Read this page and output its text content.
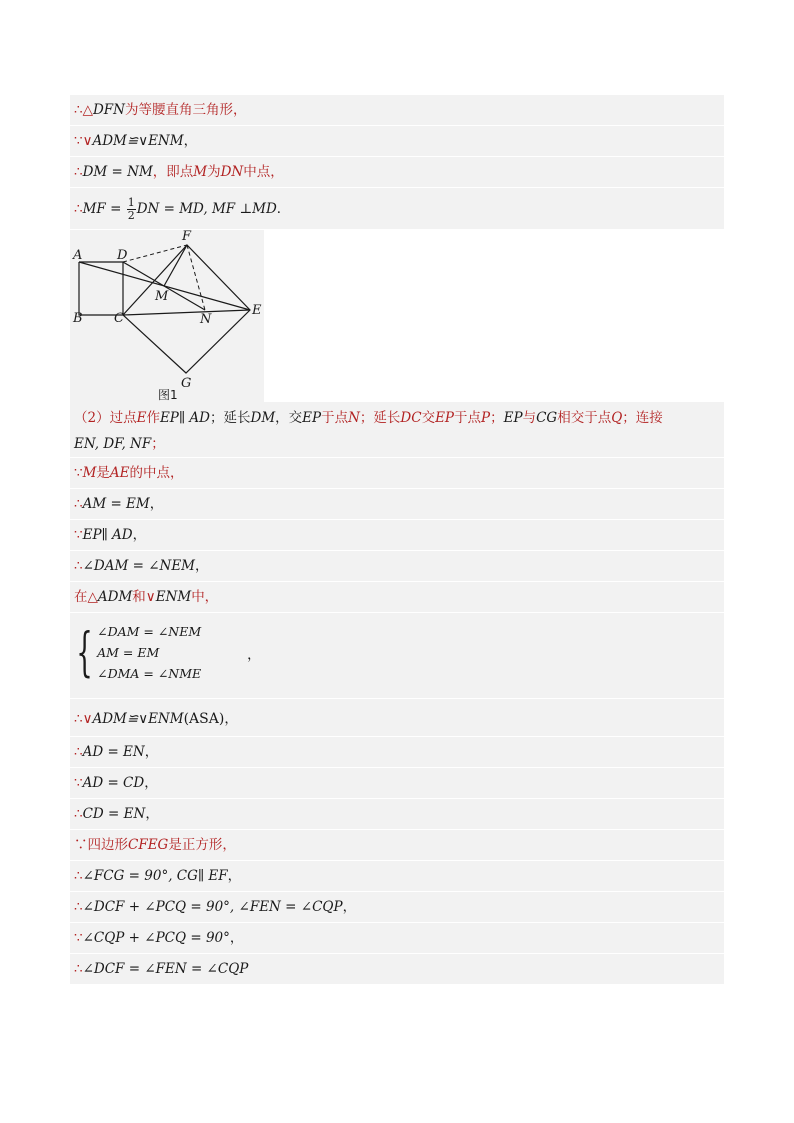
∴△DFN为等腰直角三角形，
∵∨ADM≌∨ENM，
∴DM = NM，即点M为DN中点，
∴MF = $\frac{1}{2}$ DN = MD, MF ⊥MD．
A
B C
D
F
M
N
E
G
图1
（2）过点E作EP∥ AD；延长DM，交EP于点N；延长DC交EP于点P；EP与CG相交于点Q；连接
EN, DF, NF；
∵M是AE的中点，
∴AM = EM，
∵EP∥ AD，
∴∠DAM = ∠NEM，
在△ADM和∨ENM中，
{ ∠DAM = ∠NEM
AM = EM
∠DMA = ∠NME
，
∴∨ADM≌∨ENM(ASA)，
∴AD = EN，
∵AD = CD，
∴CD = EN，
∵四边形CFEG是正方形，
∴∠FCG = 90°, CG∥ EF，
∴∠DCF + ∠PCQ = 90°, ∠FEN = ∠CQP，
∵∠CQP + ∠PCQ = 90°，
∴∠DCF = ∠FEN = ∠CQP
